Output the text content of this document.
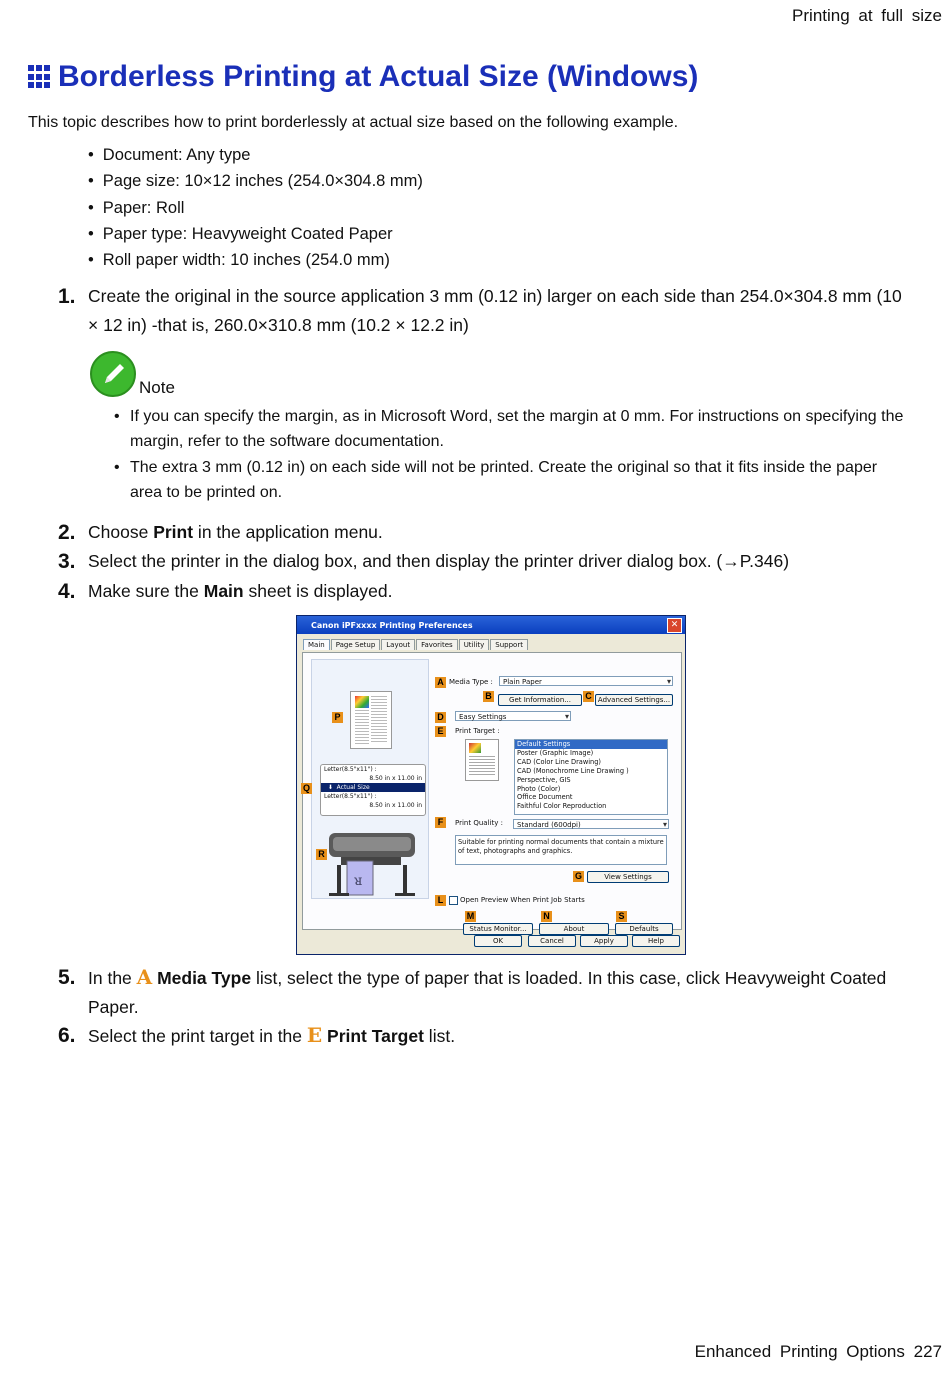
Printing at full size
Borderless Printing at Actual Size (Windows)
This topic describes how to print borderlessly at actual size based on the following example.
• Document: Any type
• Page size: 10×12 inches (254.0×304.8 mm)
• Paper: Roll
• Paper type: Heavyweight Coated Paper
• Roll paper width: 10 inches (254.0 mm)
1. Create the original in the source application 3 mm (0.12 in) larger on each side than 254.0×304.8 mm (10 × 12 in) -that is, 260.0×310.8 mm (10.2 × 12.2 in)
Note
• If you can specify the margin, as in Microsoft Word, set the margin at 0 mm. For instructions on specifying the margin, refer to the software documentation.
• The extra 3 mm (0.12 in) on each side will not be printed. Create the original so that it fits inside the paper area to be printed on.
2. Choose Print in the application menu.
3. Select the printer in the dialog box, and then display the printer driver dialog box. (→P.346)
4. Make sure the Main sheet is displayed.
Canon iPFxxxx Printing Preferences	✕
Main	Page Setup	Layout	Favorites	Utility	Support
P
Letter(8.5"x11") :
8.50 in x 11.00 in
⬇  Actual Size
Letter(8.5"x11") :
8.50 in x 11.00 in
Q
ᴚ
R
A Media Type :	Plain Paper ▾
B	Get Information...	C Advanced Settings...
D	Easy Settings ▾
E	Print Target :
Default Settings
Poster (Graphic Image)
CAD (Color Line Drawing)
CAD (Monochrome Line Drawing )
Perspective, GIS
Photo (Color)
Office Document
Faithful Color Reproduction
F	Print Quality :	Standard (600dpi) ▾
Suitable for printing normal documents that contain a mixture of text, photographs and graphics.
G	View Settings
L	Open Preview When Print Job Starts
M	N	S
Status Monitor...	About	Defaults
OK	Cancel	Apply	Help
5. In the A Media Type list, select the type of paper that is loaded. In this case, click Heavyweight Coated Paper.
6. Select the print target in the E Print Target list.
Enhanced Printing Options 227
